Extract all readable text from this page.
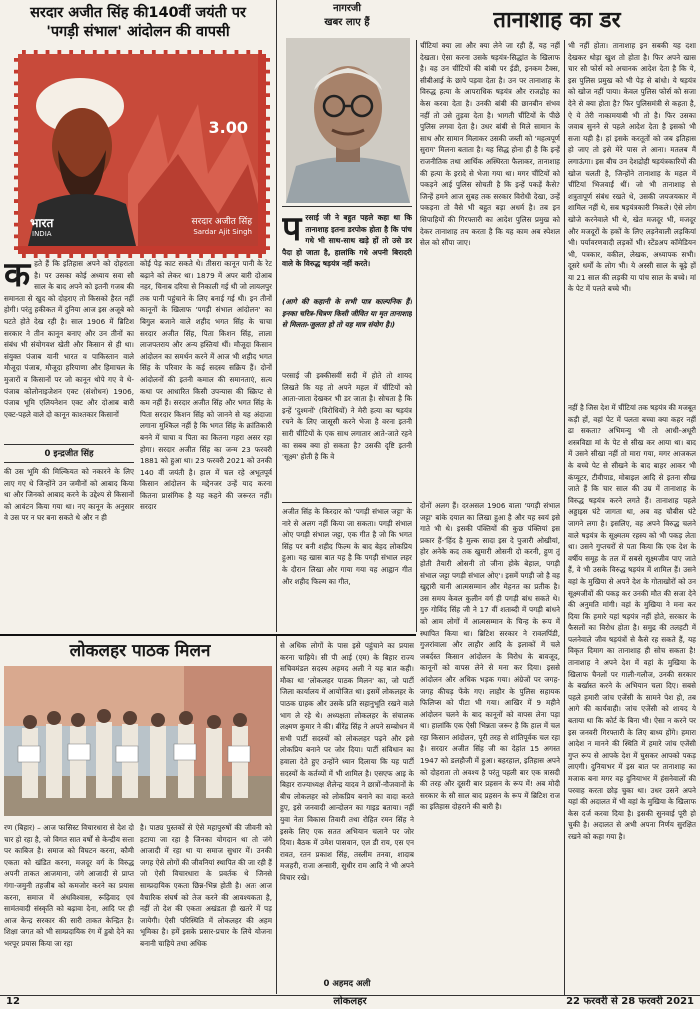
सरदार अजीत सिंह की140वीं जयंती पर
'पगड़ी संभाल' आंदोलन की वापसी
3.00
भारत
INDIA
सरदार अजीत सिंह
Sardar Ajit Singh
क हते हैं कि इतिहास अपने को दोहराता है। पर उसका कोई अध्याय सवा सौ साल के बाद अपने को इतनी गजब की समानता से खुद को दोहराए तो किसको हैरत नहीं होगी। परंतु हकीकत में दुनिया आज इस अजूबे को घटते होते देख रही है। साल 1906 में ब्रिटिश सरकार ने तीन कानून बनाए और उन तीनों का संबंध भी संयोगवश खेती और किसान से ही था। संयुक्त पंजाब यानी भारत व पाकिस्तान वाले मौजूदा पंजाब, मौजूदा हरियाणा और हिमाचल के मुजारों व किसानों पर जो कानून थोपे गए वे थे-पंजाब कोलोनाइजेशन एक्ट (संशोधन) 1906, पंजाब भूमि एलियनेशन एक्ट और दोआब बारी एक्ट-पहले वाले दो कानून काश्तकार किसानों
कोई पेड़ काट सकते थे। तीसरा कानून पानी के रेट बढ़ाने को लेकर था। 1879 में अपर बारी दोआब नहर, चिनाब दरिया से निकाली गई थी जो लायलपुर तक पानी पहुंचाने के लिए बनाई गई थी। इन तीनों कानूनों के खिलाफ 'पगड़ी संभाल आंदोलन' का बिगुल बजाने वाले शहीद भगत सिंह के चाचा सरदार अजीत सिंह, पिता किशन सिंह, लाला लाजपतराय और अन्य हस्तियां थीं। मौजूदा किसान आंदोलन का समर्थन करने में आज भी शहीद भगत सिंह के परिवार के कई सदस्य सक्रिय हैं। दोनों आंदोलनों की इतनी कमाल की समानताएं, सत्य कथा पर आधारित किसी उपन्यास की स्क्रिप्ट से कम नहीं हैं। सरदार अजीत सिंह और भगत सिंह के पिता सरदार किशन सिंह को जानने से यह अंदाजा लगाना मुश्किल नहीं है कि भगत सिंह के क्रांतिकारी बनने में चाचा व पिता का कितना गहरा असर रहा होगा। सरदार अजीत सिंह का जन्म 23 फरवरी 1881 को हुआ था। 23 फरवरी 2021 को उनकी 140 वीं जयंती है। हाल में चल रहे अभूतपूर्व किसान आंदोलन के मद्देनजर उन्हें याद करना कितना प्रासंगिक है यह कहने की जरूरत नहीं। सरदार
0 इन्द्रजीत सिंह
की उस भूमि की मिल्कियत को नकारने के लिए लाए गए थे जिन्होंने उन जमीनों को आबाद किया था और जिनको आबाद करने के उद्देश्य से किसानों को आवंटन किया गया था। नए कानून के अनुसार वे उस पर न घर बना सकते थे और न ही
नागरजी
खबर लाए हैं	तानाशाह का डर
प रसाई जी ने बहुत पहले कहा था कि तानाशाह इतना डरपोक होता है कि पांच गधे भी साथ-साथ खड़े हों तो उसे डर पैदा हो जाता है, हालांकि गधे अपनी बिरादरी वाले के विरुद्ध षड़यंत्र नहीं करते।
(आगे की कहानी के सभी पात्र काल्पनिक हैं। इनका चरित्र-चित्रण किसी जीवित या मृत तानाशाह से मिलता-जुलता हो तो यह मात्र संयोग है।)
परसाई जी इक्कीसवीं सदी में होते तो शायद लिखते कि यह तो अपने महल में चींटियों को आता-जाता देखकर भी डर जाता है। सोचता है कि इन्हें 'दुश्मनों' (विरोधियों) ने मेरी हत्या का षड़यंत्र रचने के लिए जासूसी करने भेजा है वरना इतनी सारी चींटियों के एक साथ लगातार आते-जाते रहने का सबब क्या हो सकता है? उसकी दृष्टि इतनी 'सूक्ष्म' होती है कि वे
अजीत सिंह के किरदार को 'पगड़ी संभाल जट्टा' के नारे से अलग नहीं किया जा सकता। पगड़ी संभाल ओए पगड़ी संभाल जट्टा, एक गीत है जो कि भगत सिंह पर बनी शहीद फिल्म के बाद बेहद लोकप्रिय हुआ। यह खास बात यह है कि पगड़ी संभाल लहर के दौरान लिखा और गाया गया यह आह्वान गीत और शहीद फिल्म का गीत,
चींटियां क्या ला और क्या लेने जा रही हैं, यह नहीं देखता। ऐसा करना उसके षड़यंत्र-सिद्धांत के खिलाफ है। वह उन चींटियों की बांबी पर ईडी, इनकम टैक्स, सीबीआई के छापे पड़वा देता है। उन पर तानाशाह के विरुद्ध हत्या के आपराधिक षड़यंत्र और राजद्रोह का केस करवा देता है। उनकी बांबी की छानबीन संभव नहीं तो उसे तुड़वा देता है। भागती चींटियों के पीछे पुलिस लगवा देता है। उधर बांबी से मिले सामान के साथ और सामान मिलाकर उसकी जब्ती को 'महत्वपूर्ण सुराग' मिलना बताता है। यह सिद्ध होना ही है कि इन्हें राजनीतिक तथा आर्थिक अस्थिरता फैलाकर, तानाशाह की हत्या के इरादे से भेजा गया था। मगर चींटियों को पकड़ने आई पुलिस सोचती है कि इन्हें पकड़ें कैसे? जिन्हें हमने आज सुबह तक सरकार विरोधी देखा, उन्हें पकड़ना तो वैसे भी बहुत बड़ा अधर्म है। तब इन सिपाहियों की गिरफ्तारी का आदेश पुलिस प्रमुख को देकर तानाशाह तय करता है कि यह काम अब स्पेशल सेल को सौंपा जाए।
दोनों अलग हैं। दरअसल 1906 वाला 'पगड़ी संभाल जट्टा' बांके दयाल का लिखा हुआ है और यह स्वयं इसे गाते भी थे। इसकी पंक्तियों की कुछ पंक्तियां इस प्रकार हैं-'हिंद है मुल्क सादा इस दे पुजारी ओखीयां, होर अनेके कद तक खुमारी ओसनी दो करनी, हुण तूं होती तैयारी ओसनी तो जीना होके बेहाल, पगड़ी संभाल जट्टा पगड़ी संभाल ओए'। इसमें पगड़ी जो है वह खुद्दारी यानी आत्मसम्मान और मेहनत का प्रतीक है। उस समय केवल कुलीन वर्ग ही पगड़ी बांध सकते थे। गुरु गोविंद सिंह जी ने 17 वीं शताब्दी में पगड़ी बांधने को आम लोगों में आत्मसम्मान के चिन्ह के रूप में स्थापित किया था। ब्रिटिश सरकार ने रावलपिंडी, गुजरांवाला और लाहौर आदि के इलाकों में चले जबर्दस्त किसान आंदोलन के विरोध के बावजूद, कानूनों को वापस लेने से मना कर दिया। इससे आंदोलन और अधिक भड़क गया। अंग्रेजों पर जगह-जगह कीचड़ फेंके गए। लाहौर के पुलिस सहायक फिलिप्स को पीटा भी गया। आखिर में 9 महीने आंदोलन चलने के बाद कानूनों को वापस लेना पड़ा था। हालांकि एक ऐसी भिन्नता जरूर है कि हाल में चल रहा किसान आंदोलन, पूरी तरह से शांतिपूर्वक चल रहा है। सरदार अजीत सिंह जी का देहांत 15 अगस्त 1947 को डलहौजी में हुआ। बहरहाल, इतिहास अपने को दोहराता तो अवश्य है परंतु पहली बार एक त्रासदी की तरह और दूसरी बार प्रहसन के रूप में! अब मोदी सरकार के सौ साल बाद प्रहसन के रूप में ब्रिटिश राज का इतिहास दोहराने की बारी है।
भी नहीं होता। तानाशाह इन सबकी यह दशा देखकर थोड़ा खुश तो होता है। फिर अपने खास चार सौ फोर्स को अचानक आदेश देता है कि ये, इस पुलिस प्रमुख को भी पेड़ से बांधो। ये षड़यंत्र को खोज नहीं पाया। केवल पुलिस फोर्स को सजा देने से क्या होता है? फिर पुलिसमंत्री से कहता है, ऐ ये तेरी नाकामयाबी भी तो है। फिर उसका जवाब सुनने से पहले आदेश देता है इसको भी सजा यही है। हां इसके करतूतों को जब इतिहास हो जाए तो इसे मेरे पास ले आना। मतलब मैं लगाऊंगा। इस बीच उन देशद्रोही षड़यंत्रकारियों की खोज चलती है, जिन्होंने तानाशाह के महल में चींटियां भिजवाईं थीं। जो भी तानाशाह से शत्रुतापूर्ण संबंध रखते थे, उसकी जयजयकार में शामिल नहीं थे, सब षड़यंत्रकारी निकले। ऐसे लोग खोजे करनेवाले भी थे, खेत मजदूर भी, मजदूर और मजदूरों के हकों के लिए लड़नेवाली लड़कियां भी। पर्यावरणवादी लड़कों भी। स्टेंडअप कॉमेडियन भी, पत्रकार, वकील, लेखक, अध्यापक सभी। दूसरे धर्मों के लोग भी। ये अस्सी साल के बूढ़े हों या 21 साल की लड़की या पांच साल के बच्चे। मां के पेट में पलते बच्चे भी।
नहीं है जिस देश में चींटियां तक षड़यंत्र की मजबूत कड़ी हों, वहां पेट में पलता बच्चा क्या कहर नहीं ढा सकता? अभिमन्यु भी तो आधी-अधूरी शस्त्रविद्या मां के पेट से सीख कर आया था। बाद में उसने सीखा नहीं तो मारा गया, मगर आजकल के बच्चे पेट से सीखने के बाद बाहर आकर भी कंप्यूटर, टीवीपाड, मोबाइल आदि से इतना सीख जाते हैं कि चार साल की उम्र में तानाशाह के विरुद्ध षड़यंत्र करने लगते हैं। तानाशाह पहले अड्डाइस घंटे जागता था, अब वह चौबीस घंटे जागने लगा है। इसलिए, वह अपने विरुद्ध चलने वाले षड़यंत्र के सूक्ष्मतम रहस्य को भी पकड़ लेता था। उसने गुप्तचरों से पता किया कि एक देश के वर्षीय समूह के तल में सबसे सूक्ष्मजीव पाए जाते हैं, वे भी उसके विरुद्ध षड़यंत्र में शामिल हैं। उसने वहां के मुखिया से अपने देश के गोताखोरों को उन सूक्ष्मजीवों की पकड़ कर उनकी मौत की सजा देने की अनुमति मांगी। वहां के मुखिया ने मना कर दिया कि हमारे यहां षड़यंत्र नहीं होते, सरकार के फैसलों का विरोध होता है। समुद्र की तलहटी में पलनेवाले जीव षड़यंत्रों से कैसे रह सकते हैं, यह विकृत दिमाग का तानाशाह ही सोच सकता है! तानाशाह ने अपने देश में वहां के मुखिया के खिलाफ चैनलों पर गाली-गलौज, उनकी सरकार के बर्खास्त करने के अभियान चला दिए। सबसे पहले हमारी जांच एजेंसी के सामने पेश हो, तब आगे की कार्यवाही। जांच एजेंसी को शायद ये बताया था कि कोर्ट के बिना भी। ऐसा न करने पर इस जनवरी गिरफ्तारी के लिए बाध्य होंगे। हमारा आदेश न मानने की स्थिति में हमारे जांच एजेंसी गुप्त रूप से आपके देश में घुसकर आपको पकड़ लाएगी। दुनियाभर में इस बात पर तानाशाह का मजाक बना मगर वह दुनियाभर में हंसनेवालों की परवाह करता छोड़ चुका था। उधर उसने अपने यहां की अदालत में भी वहां के मुखिया के खिलाफ केस दर्ज करवा दिया है। इसकी सुनवाई पूरी हो चुकी है। अदालत से अभी अपना निर्णय सुरक्षित रखने को कहा गया है।
लोकलहर पाठक मिलन
रण (बिहार) – आज फासिस्ट विचारधारा से देश दो चार हो रहा है, जो विगत सात वर्षों से केन्द्रीय सत्ता पर काबिज है। समाज को विघटन करना, कौमी एकता को खंडित करना, मजदूर वर्ग के विरुद्ध अपनी ताकत आजमाना, जंगे आजादी से प्राप्त गंगा-जमुनी तहजीब को कमजोर करने का प्रयास करना, समाज में अंधविश्वास, रूढ़िवाद एवं सामंतवादी संस्कृति को बढ़ावा देना, आदि पर ही आज केन्द्र सरकार की सारी ताकत केन्द्रित है। शिक्षा जगत को भी साम्प्रदायिक रंग में डुबो देने का भरपूर प्रयास किया जा रहा
है। पाठ्य पुस्तकों से ऐसे महापुरुषों की जीवनी को हटाया जा रहा है जिनका योगदान था तो जंगे आजादी में रहा था या समाज सुधार में। उनकी जगह ऐसे लोगों की जीवनियां स्थापित की जा रही हैं जो ऐसी विचारधारा के प्रवर्तक थे जिनसे साम्प्रदायिक एकता छिन्न-भिन्न होती है। अतः आज वैचारिक संघर्ष को तेज करने की आवश्यकता है, नहीं तो देश की एकता अखंडता ही खतरे में पड़ जायेगी। ऐसी परिस्थिति में लोकलहर की अहम भूमिका है। हमें इसके प्रसार-प्रचार के लिये योजना बनानी चाहिये तथा अधिक
से अधिक लोगों के पास इसे पहुंचाने का प्रयास करना चाहिये। सी पी आई (एम) के बिहार राज्य सचिवमंडल सदस्य अहमद अली ने यह बात कही। मौका था 'लोकलहर पाठक मिलन' का, जो पार्टी जिला कार्यालय में आयोजित था। इसमें लोकलहर के पाठक ग्राहक और उसके प्रति सहानुभूति रखने वाले भाग ले रहे थे। अध्यक्षता लोकलहर के संचालक लक्ष्मण कुमार ने की। बीरेंद्र सिंह ने अपने सम्बोधन में सभी पार्टी सदस्यों को लोकलहर पढ़ने और इसे लोकप्रिय बनाने पर जोर दिया। पार्टी संविधान का हवाला देते हुए उन्होंने ध्यान दिलाया कि यह पार्टी सदस्यों के कर्तव्यों में भी शामिल है। एसएफ आइ के बिहार राज्याध्यक्ष शैलेन्द्र यादव ने छात्रों-नौजवानों के बीच लोकलहर को लोकप्रिय बनाने का वादा करते हुए, इसे जनवादी आन्दोलन का गाइड बताया। नहीं युवा नेता विकास तिवारी तथा रोहित रमन सिंह ने इसके लिए एक सतत अभियान चलाने पर जोर दिया। बैठक में उमेश पासवान, एल डी राय, एस एन रावत, रतन प्रकाश सिंह, तस्लीम तनवा, शादाब मजहरी, राजा अन्सारी, सुधीर राम आदि ने भी अपने विचार रखे।
0 अहमद अली
12	लोकलहर	22 फरवरी से 28 फरवरी 2021
